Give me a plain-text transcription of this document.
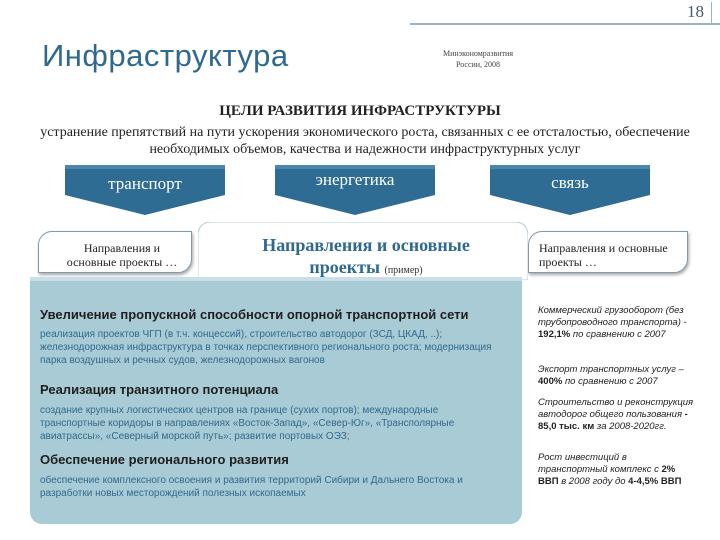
18
Инфраструктура	Минэкономразвития
России, 2008
ЦЕЛИ РАЗВИТИЯ ИНФРАСТРУКТУРЫ
устранение препятствий на пути ускорения экономического роста, связанных с ее отсталостью, обеспечение необходимых объемов, качества и надежности инфраструктурных услуг
транспорт	энергетика	связь
Направления и основные проекты …
Направления и основные проекты …
Направления и основные проекты (пример)
Увеличение пропускной способности опорной транспортной сети
реализация проектов ЧГП (в т.ч. концессий), строительство автодорог (ЗСД, ЦКАД, ..); железнодорожная инфраструктура в точках перспективного регионального роста; модернизация парка воздушных и речных судов, железнодорожных вагонов
Реализация транзитного потенциала
создание крупных логистических центров на границе (сухих портов); международные транспортные коридоры в направлениях «Восток-Запад», «Север-Юг», «Трансполярные авиатрассы», «Северный морской путь»; развитие портовых ОЭЗ;
Обеспечение регионального развития
обеспечение комплексного освоения и развития территорий Сибири и Дальнего Востока и разработки новых месторождений полезных ископаемых
Коммерческий грузооборот (без трубопроводного транспорта) - 192,1% по сравнению с 2007
Экспорт транспортных услуг – 400% по сравнению с 2007
Строительство и реконструкция автодорог общего пользования - 85,0 тыс. км за 2008-2020гг.
Рост инвестиций в транспортный комплекс с 2% ВВП в 2008 году до 4-4,5% ВВП
